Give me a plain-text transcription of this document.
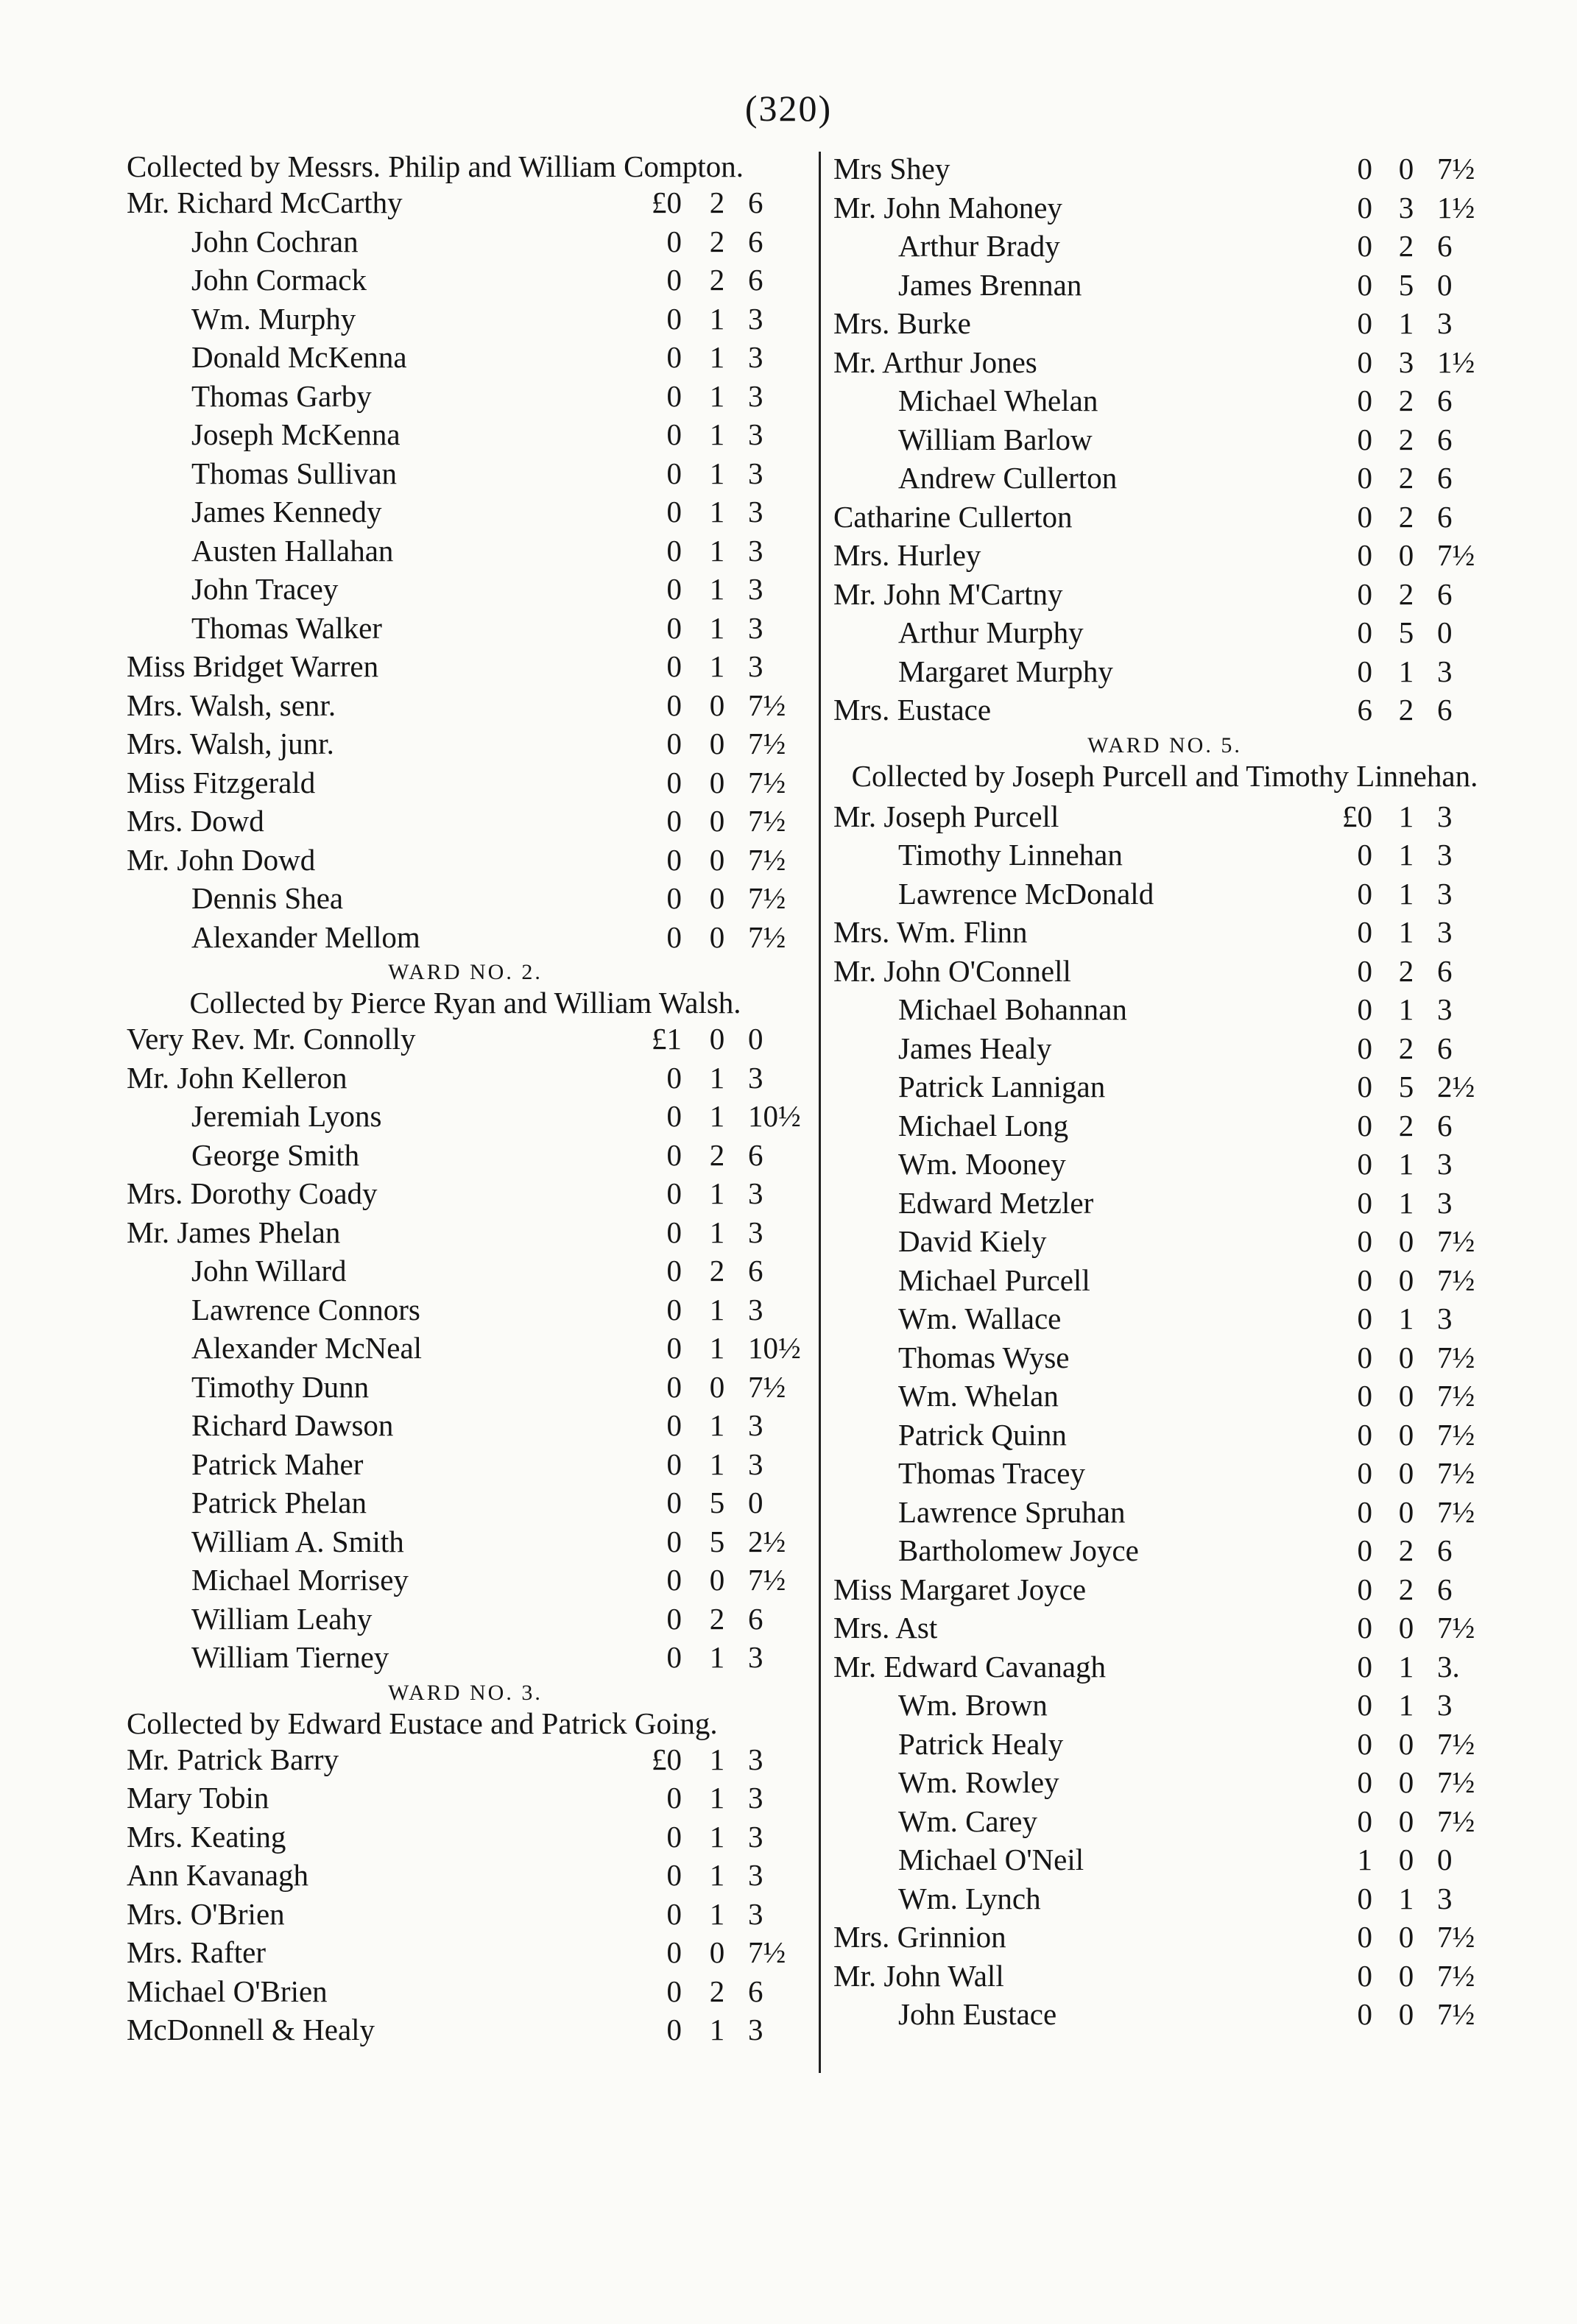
(320)
Collected by Messrs. Philip and William Compton.
Mr. Richard McCarthy	£0 2 6
John Cochran	0 2 6
John Cormack	0 2 6
Wm. Murphy	0 1 3
Donald McKenna	0 1 3
Thomas Garby	0 1 3
Joseph McKenna	0 1 3
Thomas Sullivan	0 1 3
James Kennedy	0 1 3
Austen Hallahan	0 1 3
John Tracey	0 1 3
Thomas Walker	0 1 3
Miss Bridget Warren	0 1 3
Mrs. Walsh, senr.	0 0 7½
Mrs. Walsh, junr.	0 0 7½
Miss Fitzgerald	0 0 7½
Mrs. Dowd	0 0 7½
Mr. John Dowd	0 0 7½
Dennis Shea	0 0 7½
Alexander Mellom	0 0 7½
WARD NO. 2.
Collected by Pierce Ryan and William Walsh.
Very Rev. Mr. Connolly	£1 0 0
Mr. John Kelleron	0 1 3
Jeremiah Lyons	0 1 10½
George Smith	0 2 6
Mrs. Dorothy Coady	0 1 3
Mr. James Phelan	0 1 3
John Willard	0 2 6
Lawrence Connors	0 1 3
Alexander McNeal	0 1 10½
Timothy Dunn	0 0 7½
Richard Dawson	0 1 3
Patrick Maher	0 1 3
Patrick Phelan	0 5 0
William A. Smith	0 5 2½
Michael Morrisey	0 0 7½
William Leahy	0 2 6
William Tierney	0 1 3
WARD NO. 3.
Collected by Edward Eustace and Patrick Going.
Mr. Patrick Barry	£0 1 3
Mary Tobin	0 1 3
Mrs. Keating	0 1 3
Ann Kavanagh	0 1 3
Mrs. O'Brien	0 1 3
Mrs. Rafter	0 0 7½
Michael O'Brien	0 2 6
McDonnell & Healy	0 1 3
Mrs Shey	0 0 7½
Mr. John Mahoney	0 3 1½
Arthur Brady	0 2 6
James Brennan	0 5 0
Mrs. Burke	0 1 3
Mr. Arthur Jones	0 3 1½
Michael Whelan	0 2 6
William Barlow	0 2 6
Andrew Cullerton	0 2 6
Catharine Cullerton	0 2 6
Mrs. Hurley	0 0 7½
Mr. John M'Cartny	0 2 6
Arthur Murphy	0 5 0
Margaret Murphy	0 1 3
Mrs. Eustace	6 2 6
WARD NO. 5.
Collected by Joseph Purcell and Timothy Linnehan.
Mr. Joseph Purcell	£0 1 3
Timothy Linnehan	0 1 3
Lawrence McDonald	0 1 3
Mrs. Wm. Flinn	0 1 3
Mr. John O'Connell	0 2 6
Michael Bohannan	0 1 3
James Healy	0 2 6
Patrick Lannigan	0 5 2½
Michael Long	0 2 6
Wm. Mooney	0 1 3
Edward Metzler	0 1 3
David Kiely	0 0 7½
Michael Purcell	0 0 7½
Wm. Wallace	0 1 3
Thomas Wyse	0 0 7½
Wm. Whelan	0 0 7½
Patrick Quinn	0 0 7½
Thomas Tracey	0 0 7½
Lawrence Spruhan	0 0 7½
Bartholomew Joyce	0 2 6
Miss Margaret Joyce	0 2 6
Mrs. Ast	0 0 7½
Mr. Edward Cavanagh	0 1 3.
Wm. Brown	0 1 3
Patrick Healy	0 0 7½
Wm. Rowley	0 0 7½
Wm. Carey	0 0 7½
Michael O'Neil	1 0 0
Wm. Lynch	0 1 3
Mrs. Grinnion	0 0 7½
Mr. John Wall	0 0 7½
John Eustace	0 0 7½
